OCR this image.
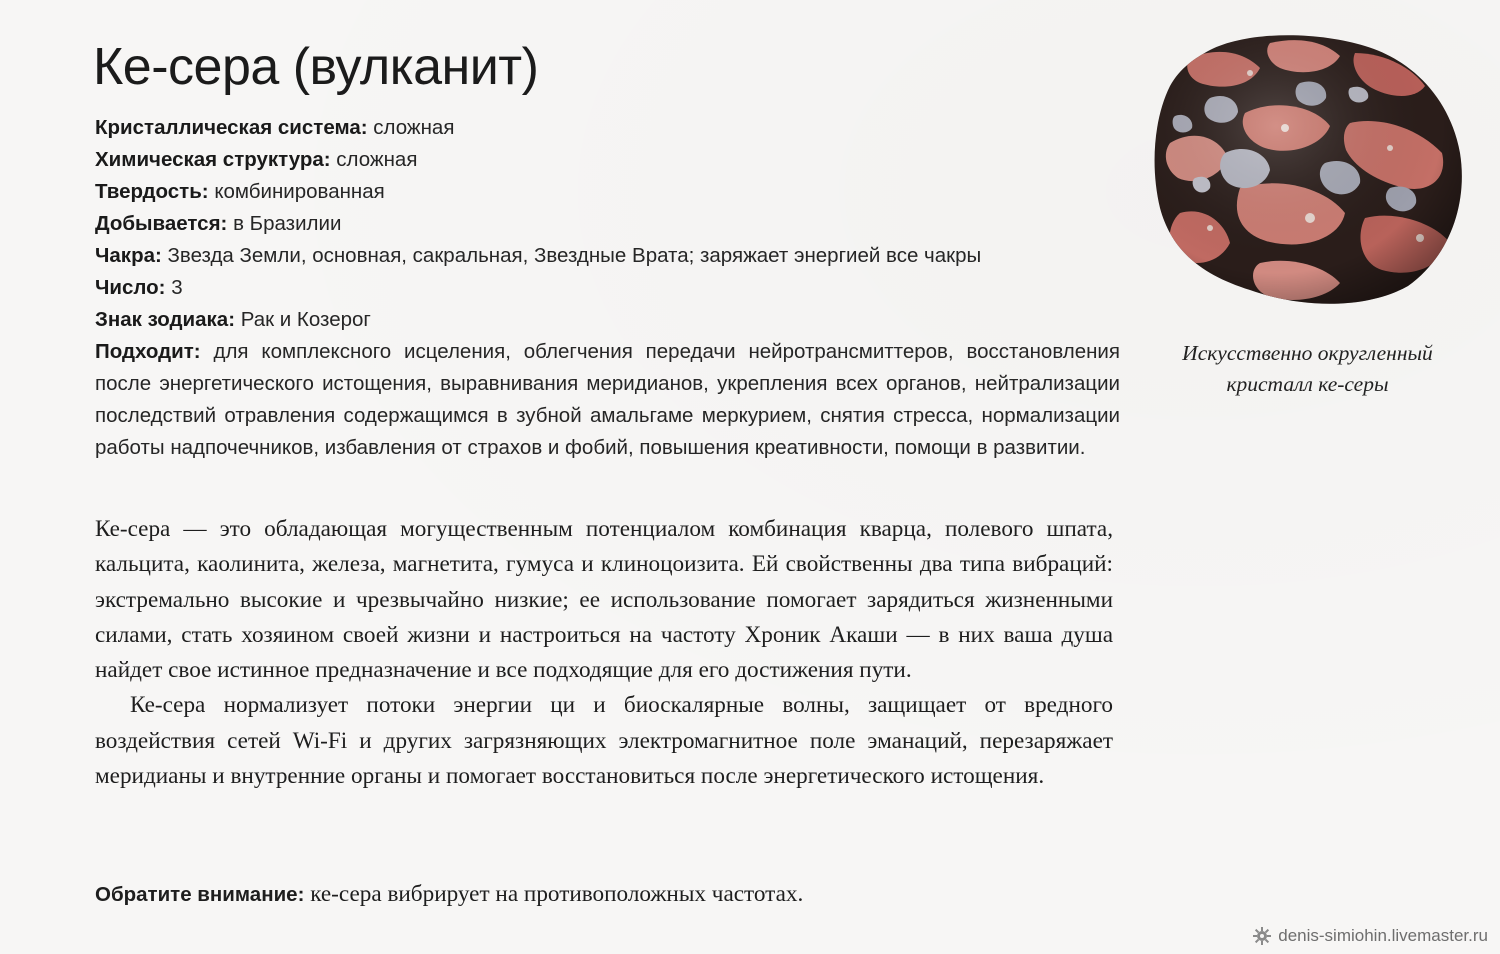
Ке-сера (вулканит)
Кристаллическая система: сложная
Химическая структура: сложная
Твердость: комбинированная
Добывается: в Бразилии
Чакра: Звезда Земли, основная, сакральная, Звездные Врата; заряжает энергией все чакры
Число: 3
Знак зодиака: Рак и Козерог
Подходит: для комплексного исцеления, облегчения передачи нейротрансмиттеров, восстановления после энергетического истощения, выравнивания меридианов, укрепления всех органов, нейтрализации последствий отравления содержащимся в зубной амальгаме меркурием, снятия стресса, нормализации работы надпочечников, избавления от страхов и фобий, повышения креативности, помощи в развитии.

Ке-сера — это обладающая могущественным потенциалом комбинация кварца, полевого шпата, кальцита, каолинита, железа, магнетита, гумуса и клиноцоизита. Ей свойственны два типа вибраций: экстремально высокие и чрезвычайно низкие; ее использование помогает зарядиться жизненными силами, стать хозяином своей жизни и настроиться на частоту Хроник Акаши — в них ваша душа найдет свое истинное предназначение и все подходящие для его достижения пути.

Ке-сера нормализует потоки энергии ци и биоскалярные волны, защищает от вредного воздействия сетей Wi-Fi и других загрязняющих электромагнитное поле эманаций, перезаряжает меридианы и внутренние органы и помогает восстановиться после энергетического истощения.

Обратите внимание: ке-сера вибрирует на противоположных частотах.
Искусственно округленный кристалл ке-серы
denis-simiohin.livemaster.ru
